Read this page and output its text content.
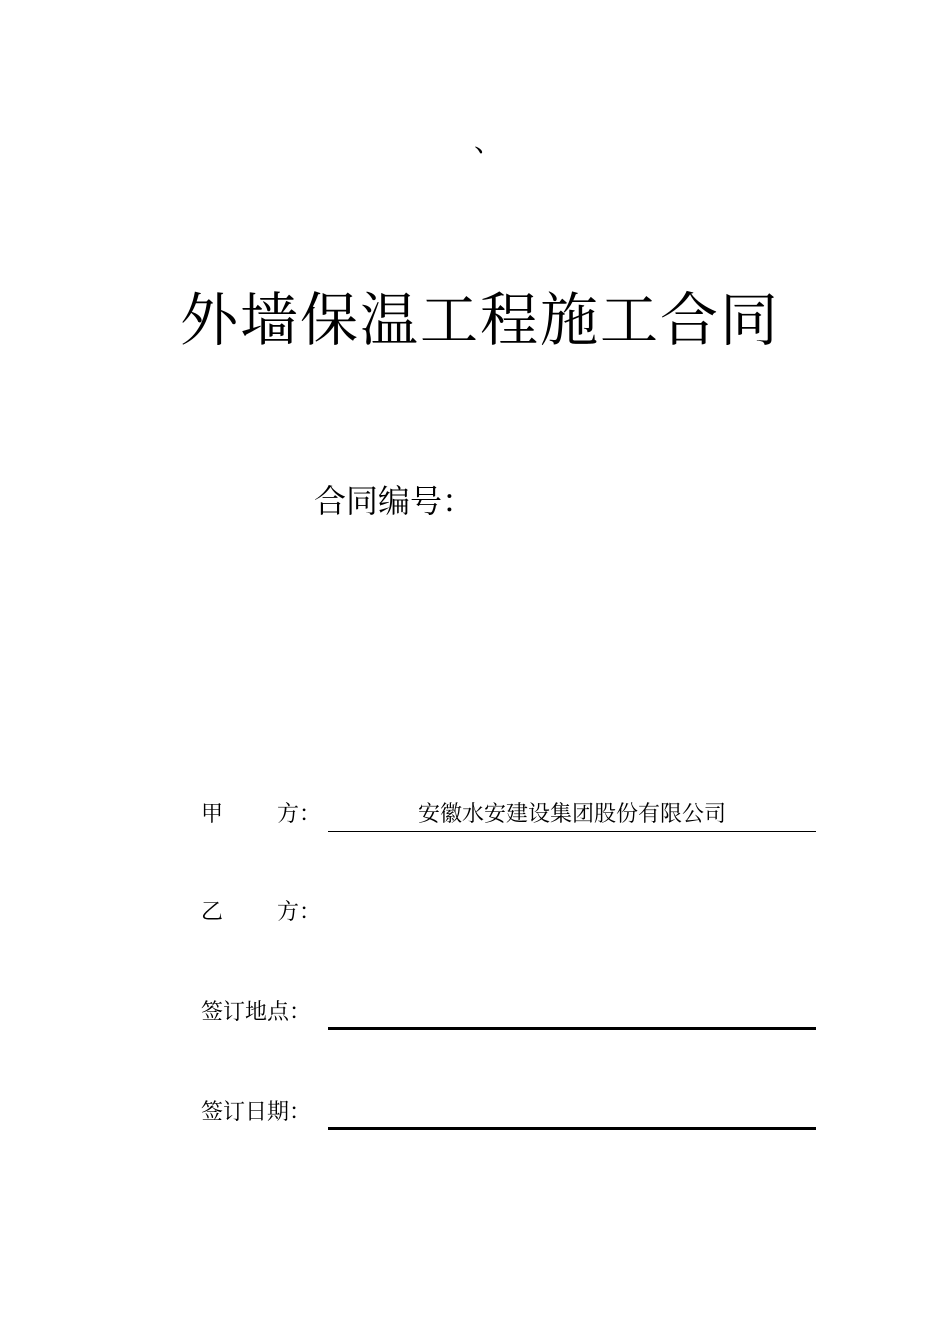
、
外墙保温工程施工合同
合同编号：
甲 方：	安徽水安建设集团股份有限公司
乙 方：
签订地点：
签订日期：
